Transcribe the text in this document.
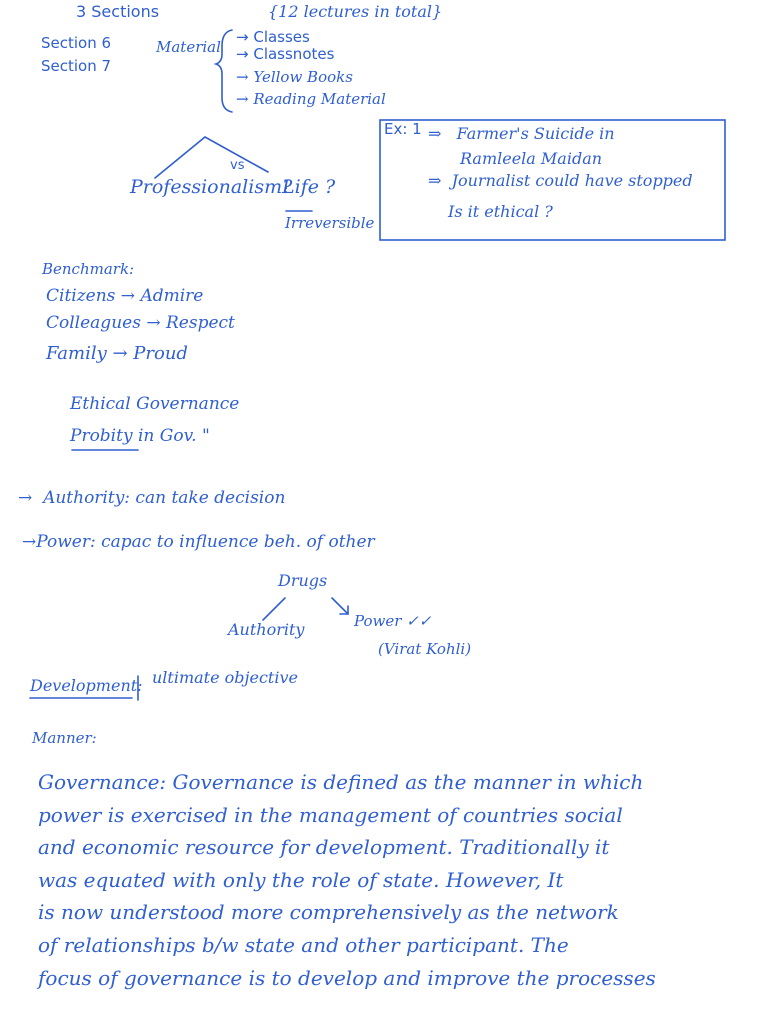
3 Sections	{12 lectures in total}
Section 6
Section 7
Material
→ Classes
→ Classnotes
→ Yellow Books
→ Reading Material
vs
Professionalism?
Life ?
Irreversible
Ex: 1 ⇒   Farmer's Suicide in
Ramleela Maidan
⇒  Journalist could have stopped
Is it ethical ?
Benchmark:
Citizens → Admire
Colleagues → Respect
Family → Proud
Ethical Governance
Probity in Gov. "
→  Authority: can take decision
→Power: capac to influence beh. of other
Drugs
Authority	Power ✓✓
(Virat Kohli)
Development: ultimate objective
Manner:
Governance: Governance is defined as the manner in which
power is exercised in the management of countries social
and economic resource for development. Traditionally it
was equated with only the role of state. However, It
is now understood more comprehensively as the network
of relationships b/w state and other participant. The
focus of governance is to develop and improve the processes
